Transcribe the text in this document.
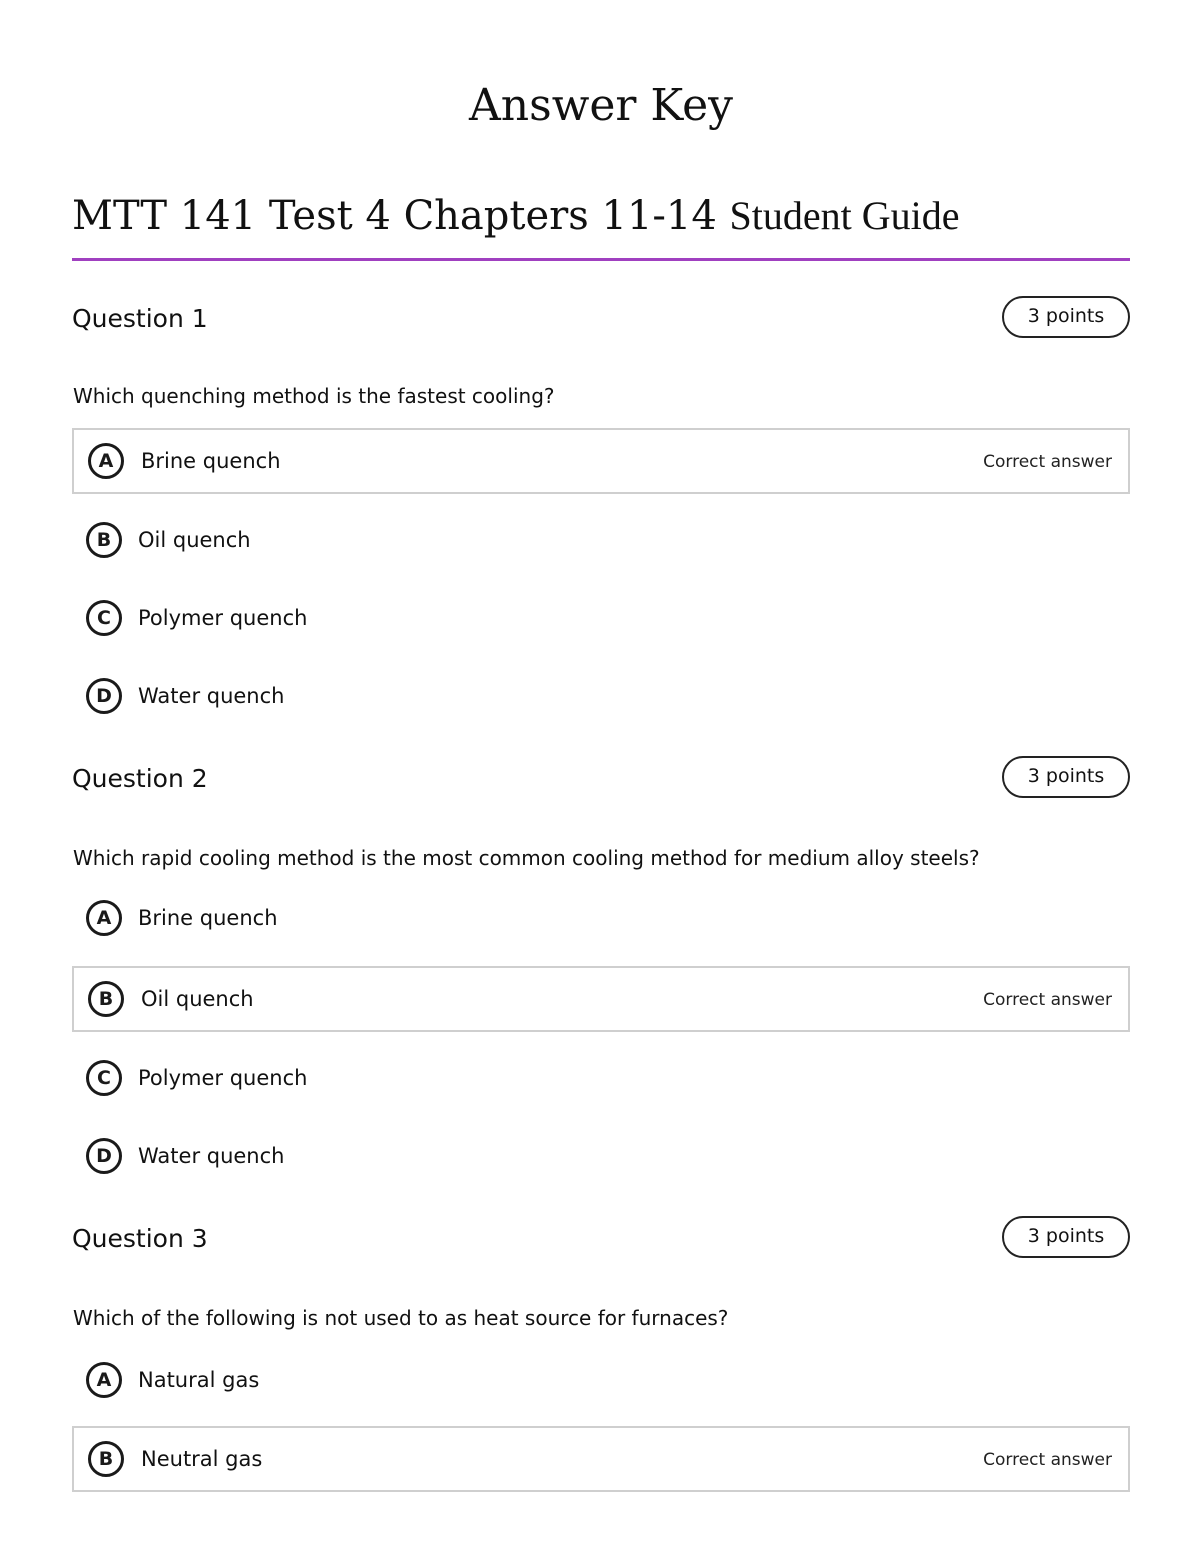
Answer Key
MTT 141 Test 4 Chapters 11-14 Student Guide
Question 1	3 points
Which quenching method is the fastest cooling?
A	Brine quench	Correct answer
B	Oil quench
C	Polymer quench
D	Water quench
Question 2	3 points
Which rapid cooling method is the most common cooling method for medium alloy steels?
A	Brine quench
B	Oil quench	Correct answer
C	Polymer quench
D	Water quench
Question 3	3 points
Which of the following is not used to as heat source for furnaces?
A	Natural gas
B	Neutral gas	Correct answer
